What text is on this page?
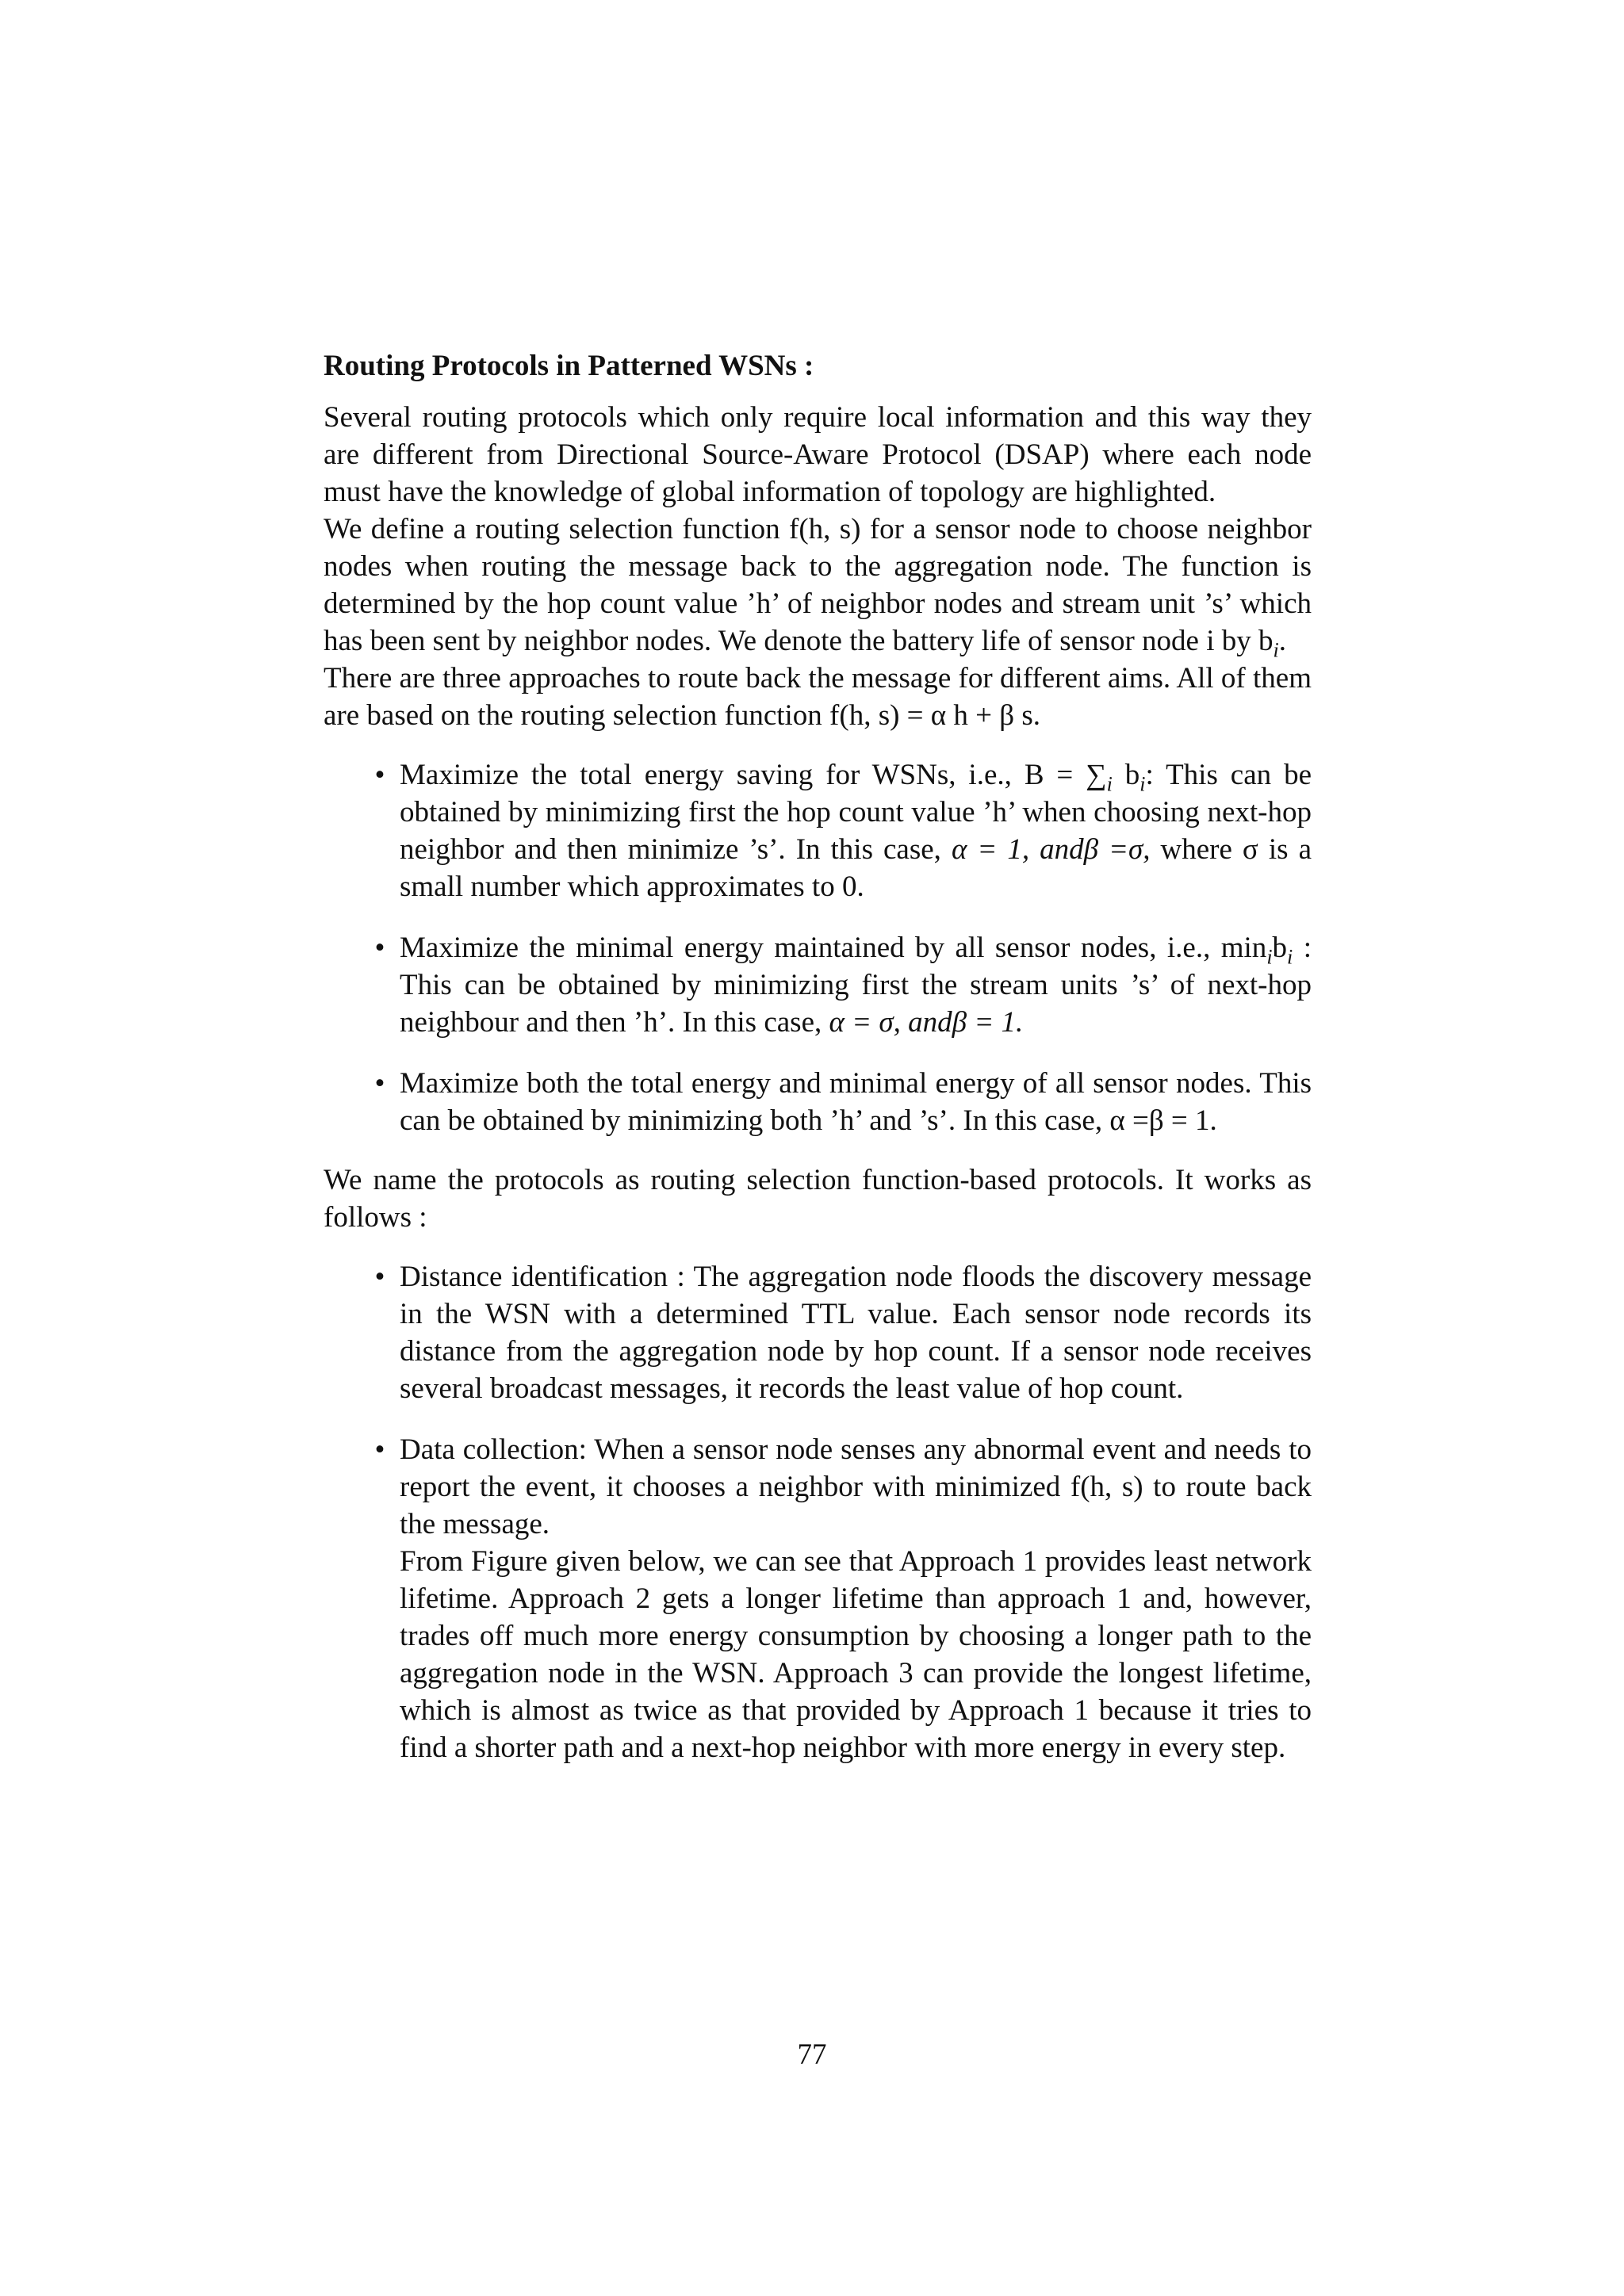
Routing Protocols in Patterned WSNs :

Several routing protocols which only require local information and this way they are different from Directional Source-Aware Protocol (DSAP) where each node must have the knowledge of global information of topology are highlighted.

We define a routing selection function f(h, s) for a sensor node to choose neighbor nodes when routing the message back to the aggregation node. The function is determined by the hop count value ’h’ of neighbor nodes and stream unit ’s’ which has been sent by neighbor nodes. We denote the battery life of sensor node i by $b_i$.

There are three approaches to route back the message for different aims. All of them are based on the routing selection function f(h, s) = α h + β s.

• Maximize the total energy saving for WSNs, i.e., $B = \sum_i$ $b_i$: This can be obtained by minimizing first the hop count value ’h’ when choosing next-hop neighbor and then minimize ’s’. In this case, α = 1, andβ =σ, where σ is a small number which approximates to 0.
• Maximize the minimal energy maintained by all sensor nodes, i.e., $\min_ib_i$ : This can be obtained by minimizing first the stream units ’s’ of next-hop neighbour and then ’h’. In this case, α = σ, andβ = 1.
• Maximize both the total energy and minimal energy of all sensor nodes. This can be obtained by minimizing both ’h’ and ’s’. In this case, α =β = 1.

We name the protocols as routing selection function-based protocols. It works as follows :

• Distance identification : The aggregation node floods the discovery message in the WSN with a determined TTL value. Each sensor node records its distance from the aggregation node by hop count. If a sensor node receives several broadcast messages, it records the least value of hop count.
• Data collection: When a sensor node senses any abnormal event and needs to report the event, it chooses a neighbor with minimized f(h, s) to route back the message.
From Figure given below, we can see that Approach 1 provides least network lifetime. Approach 2 gets a longer lifetime than approach 1 and, however, trades off much more energy consumption by choosing a longer path to the aggregation node in the WSN. Approach 3 can provide the longest lifetime, which is almost as twice as that provided by Approach 1 because it tries to find a shorter path and a next-hop neighbor with more energy in every step.
77
